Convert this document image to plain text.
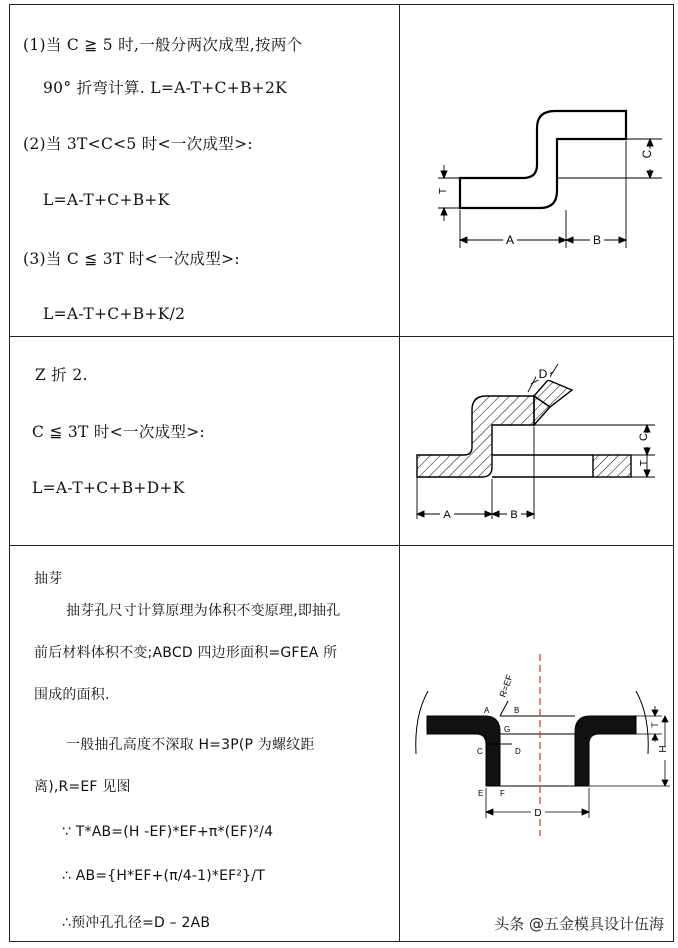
(1)当 C ≧ 5 时,一般分两次成型,按两个
90° 折弯计算. L=A-T+C+B+2K
(2)当 3T<C<5 时<一次成型>:
L=A-T+C+B+K
(3)当 C ≦ 3T 时<一次成型>:
L=A-T+C+B+K/2
C
T
A	B
Z 折 2.
C ≦ 3T 时<一次成型>:
L=A-T+C+B+D+K
D
C
T
A	B
抽芽
抽芽孔尺寸计算原理为体积不变原理,即抽孔
前后材料体积不变;ABCD 四边形面积=GFEA 所
围成的面积.
一般抽孔高度不深取 H=3P(P 为螺纹距
离),R=EF 见图
∵ T*AB=(H -EF)*EF+π*(EF)²/4
∴ AB={H*EF+(π/4-1)*EF²}/T
∴预冲孔孔径=D – 2AB
R=EF
A	B
G
C	D
E F
T
H
D
头条 @五金模具设计伍海
